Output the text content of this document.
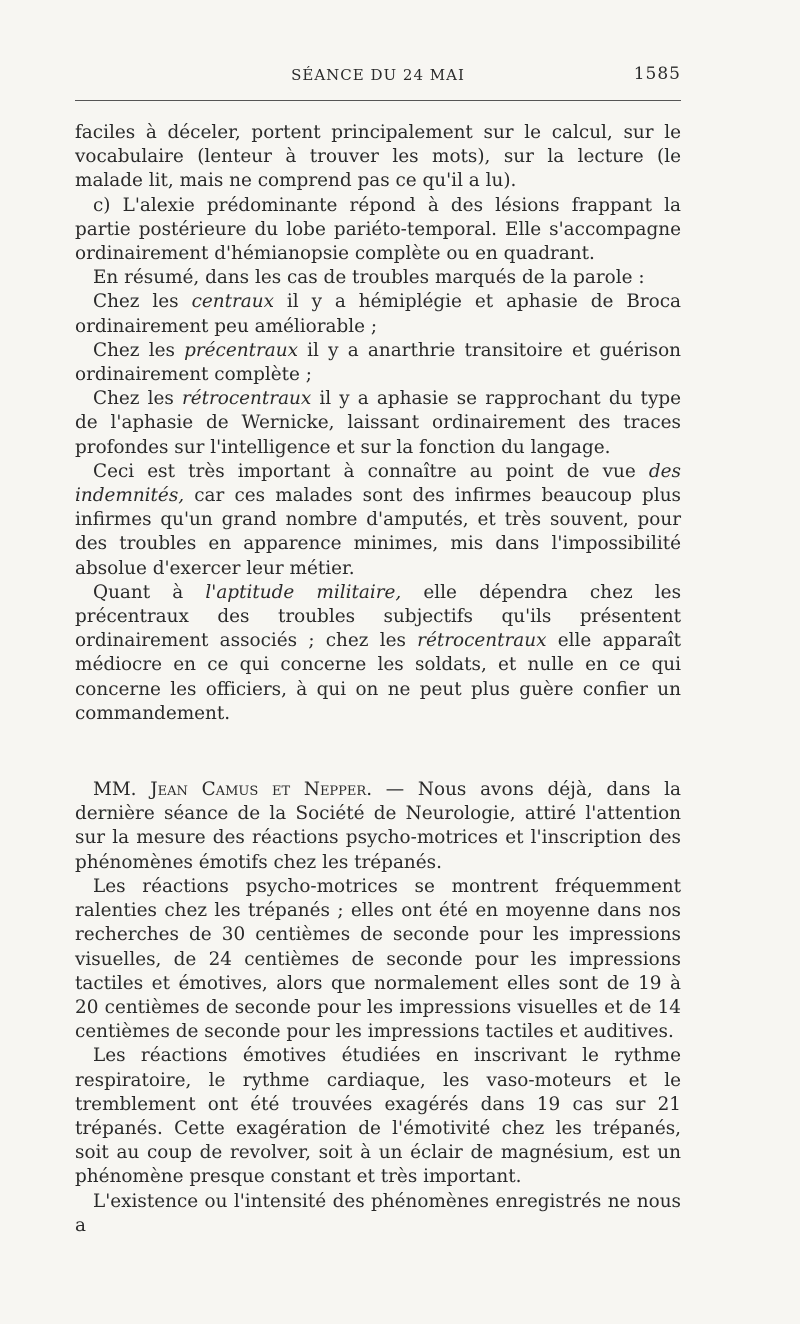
SÉANCE DU 24 MAI	1585

faciles à déceler, portent principalement sur le calcul, sur le vocabulaire (lenteur à trouver les mots), sur la lecture (le malade lit, mais ne comprend pas ce qu'il a lu).

c) L'alexie prédominante répond à des lésions frappant la partie postérieure du lobe pariéto-temporal. Elle s'accompagne ordinairement d'hémianopsie complète ou en quadrant.

En résumé, dans les cas de troubles marqués de la parole :

Chez les centraux il y a hémiplégie et aphasie de Broca ordinairement peu améliorable ;

Chez les précentraux il y a anarthrie transitoire et guérison ordinairement complète ;

Chez les rétrocentraux il y a aphasie se rapprochant du type de l'aphasie de Wernicke, laissant ordinairement des traces profondes sur l'intelligence et sur la fonction du langage.

Ceci est très important à connaître au point de vue des indemnités, car ces malades sont des infirmes beaucoup plus infirmes qu'un grand nombre d'amputés, et très souvent, pour des troubles en apparence minimes, mis dans l'impossibilité absolue d'exercer leur métier.

Quant à l'aptitude militaire, elle dépendra chez les précentraux des troubles subjectifs qu'ils présentent ordinairement associés ; chez les rétrocentraux elle apparaît médiocre en ce qui concerne les soldats, et nulle en ce qui concerne les officiers, à qui on ne peut plus guère confier un commandement.

MM. Jean Camus et Nepper. — Nous avons déjà, dans la dernière séance de la Société de Neurologie, attiré l'attention sur la mesure des réactions psycho-motrices et l'inscription des phénomènes émotifs chez les trépanés.

Les réactions psycho-motrices se montrent fréquemment ralenties chez les trépanés ; elles ont été en moyenne dans nos recherches de 30 centièmes de seconde pour les impressions visuelles, de 24 centièmes de seconde pour les impressions tactiles et émotives, alors que normalement elles sont de 19 à 20 centièmes de seconde pour les impressions visuelles et de 14 centièmes de seconde pour les impressions tactiles et auditives.

Les réactions émotives étudiées en inscrivant le rythme respiratoire, le rythme cardiaque, les vaso-moteurs et le tremblement ont été trouvées exagérés dans 19 cas sur 21 trépanés. Cette exagération de l'émotivité chez les trépanés, soit au coup de revolver, soit à un éclair de magnésium, est un phénomène presque constant et très important.

L'existence ou l'intensité des phénomènes enregistrés ne nous a
